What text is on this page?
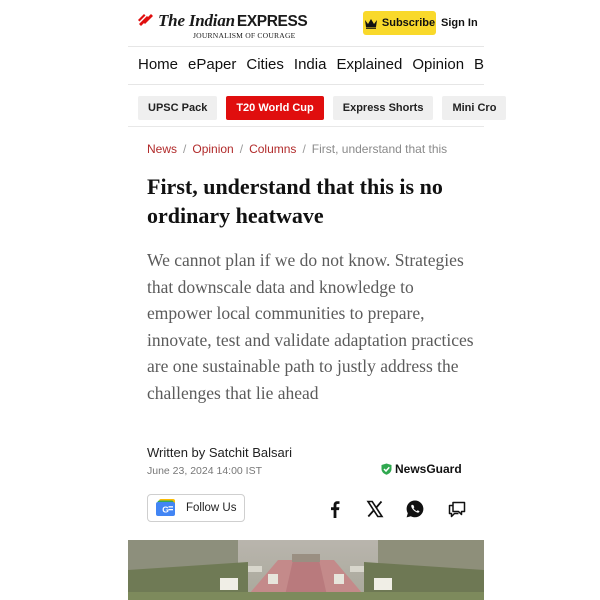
The Indian EXPRESS
JOURNALISM OF COURAGE
Subscribe Sign In
Home ePaper Cities India Explained Opinion B
UPSC Pack	T20 World Cup	Express Shorts	Mini Cro
News / Opinion / Columns / First, understand that this
First, understand that this is no ordinary heatwave

We cannot plan if we do not know. Strategies that downscale data and knowledge to empower local communities to prepare, innovate, test and validate adaptation practices are one sustainable path to justly address the challenges that lie ahead

Written by Satchit Balsari
June 23, 2024 14:00 IST	NewsGuard
G Follow Us
